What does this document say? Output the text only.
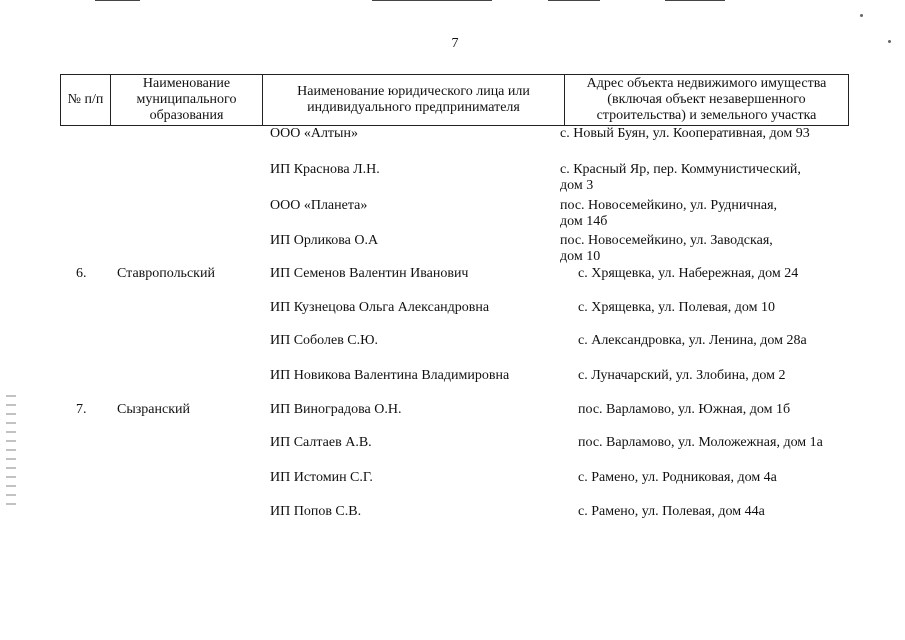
7
№ п/п	Наименование муниципального образования	Наименование юридического лица или индивидуального предпринимателя	Адрес объекта недвижимого имущества (включая объект незавершенного строительства) и земельного участка
ООО «Алтын»	с. Новый Буян, ул. Кооперативная, дом 93
ИП Краснова Л.Н.	с. Красный Яр, пер. Коммунистический,
дом 3
ООО «Планета»	пос. Новосемейкино, ул. Рудничная,
дом 14б
ИП Орликова О.А	пос. Новосемейкино, ул. Заводская,
дом 10
6.	Ставропольский	ИП Семенов Валентин Иванович	с. Хрящевка, ул. Набережная, дом 24
ИП Кузнецова Ольга Александровна	с. Хрящевка, ул. Полевая, дом 10
ИП Соболев С.Ю.	с. Александровка, ул. Ленина, дом 28а
ИП Новикова Валентина Владимировна	с. Луначарский, ул. Злобина, дом 2
7.	Сызранский	ИП Виноградова О.Н.	пос. Варламово, ул. Южная, дом 1б
ИП Салтаев А.В.	пос. Варламово, ул. Моложежная, дом 1а
ИП Истомин С.Г.	с. Рамено, ул. Родниковая, дом 4а
ИП Попов С.В.	с. Рамено, ул. Полевая, дом 44а
